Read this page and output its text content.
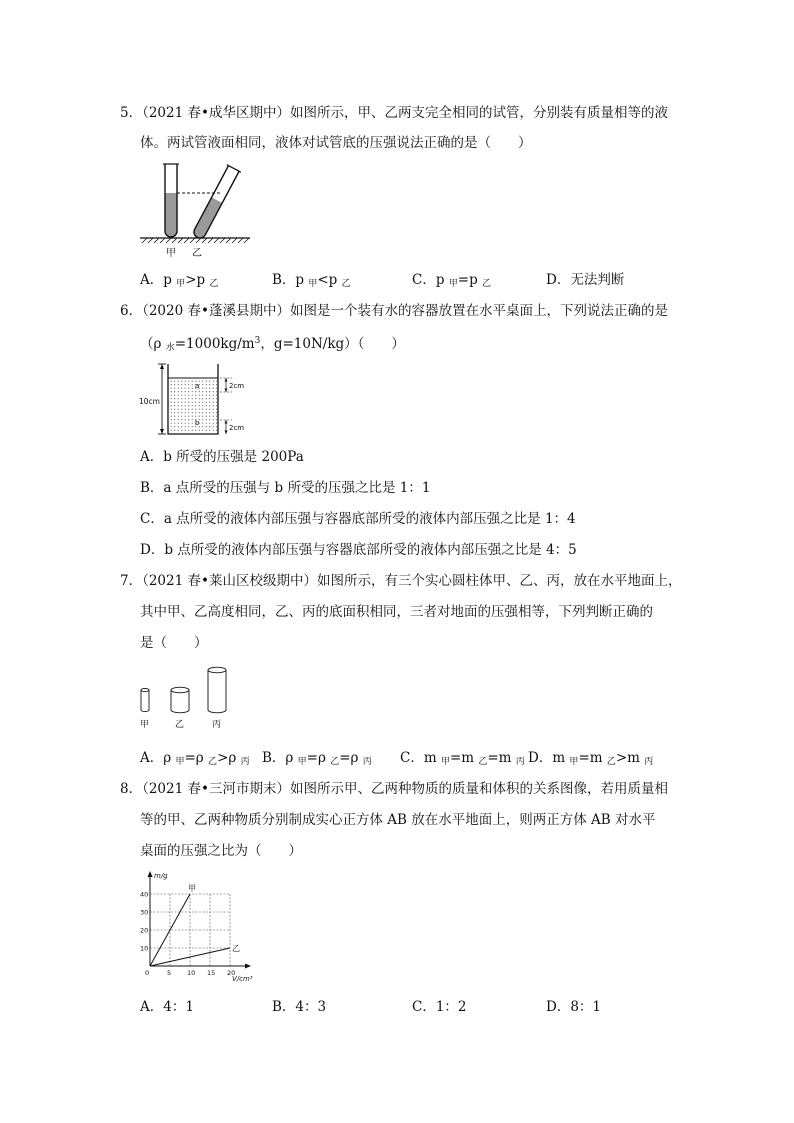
5．（2021 春•成华区期中）如图所示，甲、乙两支完全相同的试管，分别装有质量相等的液
体。两试管液面相同，液体对试管底的压强说法正确的是（　　）
甲 乙
A．p $_甲$>p $_乙$	B．p $_甲$<p $_乙$	C．p $_甲$=p $_乙$	D．无法判断
6．（2020 春•蓬溪县期中）如图是一个装有水的容器放置在水平桌面上，下列说法正确的是
（ρ $_水=1000kg/m^3$，g=10N/kg）（　　）
10cm
a
b
2cm
2cm
A．b 所受的压强是 200Pa
B．a 点所受的压强与 b 所受的压强之比是 1：1
C．a 点所受的液体内部压强与容器底部所受的液体内部压强之比是 1：4
D．b 点所受的液体内部压强与容器底部所受的液体内部压强之比是 4：5
7．（2021 春•莱山区校级期中）如图所示，有三个实心圆柱体甲、乙、丙，放在水平地面上，
其中甲、乙高度相同，乙、丙的底面积相同，三者对地面的压强相等，下列判断正确的
是（　　）
甲	乙	丙
A．ρ $_甲$=ρ $_乙$>ρ $_丙$ B．ρ $_甲$=ρ $_乙$=ρ $_丙$ C．m $_甲$=m $_乙$=m $_丙$ D．m $_甲$=m $_乙$>m $_丙$
8．（2021 春•三河市期末）如图所示甲、乙两种物质的质量和体积的关系图像，若用质量相
等的甲、乙两种物质分别制成实心正方体 AB 放在水平地面上，则两正方体 AB 对水平
桌面的压强之比为（　　）
0	5 10 15 20
10
20
30
40
甲
乙
m/g
V/cm³
A．4：1	B．4：3	C．1：2	D．8：1
